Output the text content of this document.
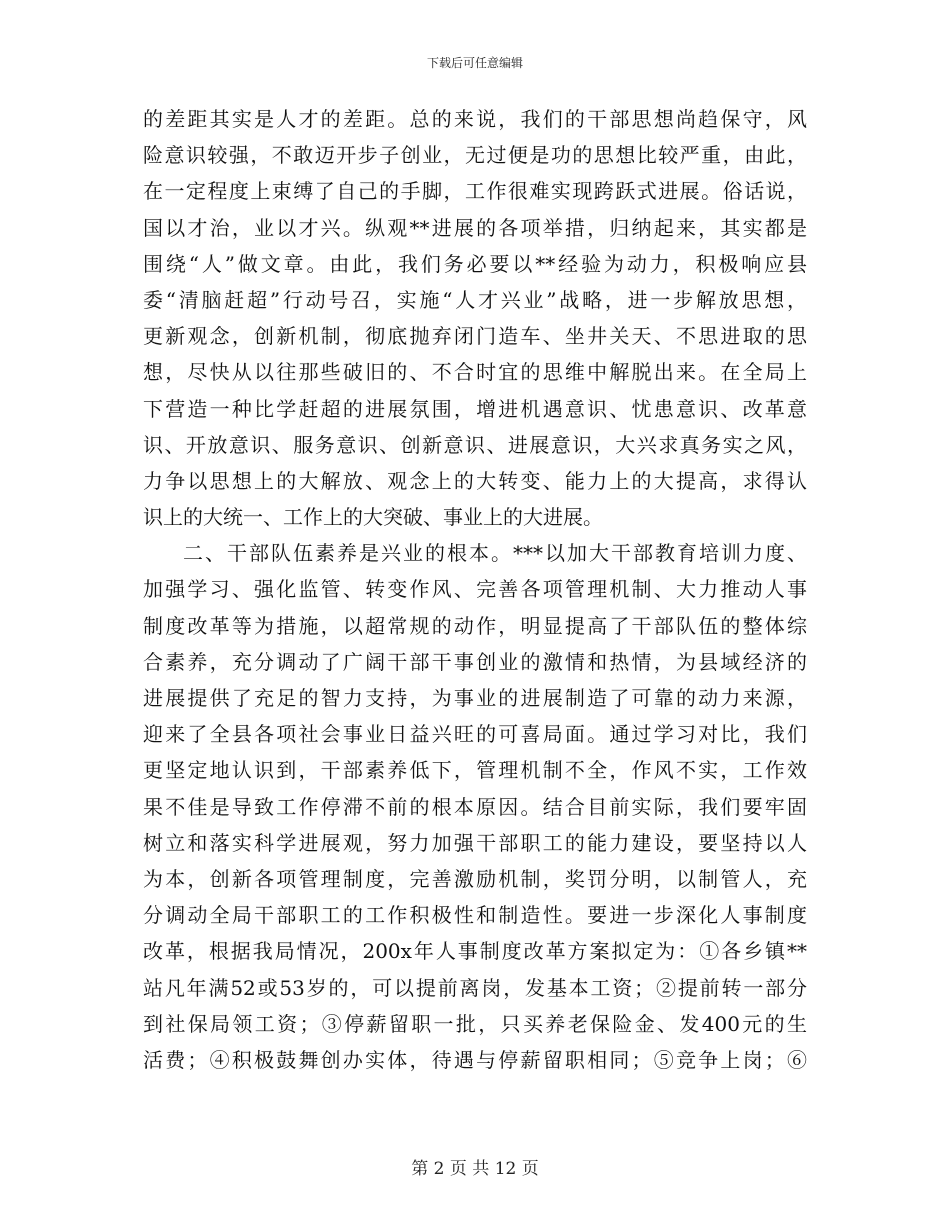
下载后可任意编辑
的差距其实是人才的差距。总的来说，我们的干部思想尚趋保守，风
险意识较强，不敢迈开步子创业，无过便是功的思想比较严重，由此，
在一定程度上束缚了自己的手脚，工作很难实现跨跃式进展。俗话说，
国以才治，业以才兴。纵观**进展的各项举措，归纳起来，其实都是
围绕“人”做文章。由此，我们务必要以**经验为动力，积极响应县
委“清脑赶超”行动号召，实施“人才兴业”战略，进一步解放思想，
更新观念，创新机制，彻底抛弃闭门造车、坐井关天、不思进取的思
想，尽快从以往那些破旧的、不合时宜的思维中解脱出来。在全局上
下营造一种比学赶超的进展氛围，增进机遇意识、忧患意识、改革意
识、开放意识、服务意识、创新意识、进展意识，大兴求真务实之风，
力争以思想上的大解放、观念上的大转变、能力上的大提高，求得认
识上的大统一、工作上的大突破、事业上的大进展。
二、干部队伍素养是兴业的根本。***以加大干部教育培训力度、
加强学习、强化监管、转变作风、完善各项管理机制、大力推动人事
制度改革等为措施，以超常规的动作，明显提高了干部队伍的整体综
合素养，充分调动了广阔干部干事创业的激情和热情，为县域经济的
进展提供了充足的智力支持，为事业的进展制造了可靠的动力来源，
迎来了全县各项社会事业日益兴旺的可喜局面。通过学习对比，我们
更坚定地认识到，干部素养低下，管理机制不全，作风不实，工作效
果不佳是导致工作停滞不前的根本原因。结合目前实际，我们要牢固
树立和落实科学进展观，努力加强干部职工的能力建设，要坚持以人
为本，创新各项管理制度，完善激励机制，奖罚分明，以制管人，充
分调动全局干部职工的工作积极性和制造性。要进一步深化人事制度
改革，根据我局情况，200x年人事制度改革方案拟定为：①各乡镇**
站凡年满52或53岁的，可以提前离岗，发基本工资；②提前转一部分
到社保局领工资；③停薪留职一批，只买养老保险金、发400元的生
活费；④积极鼓舞创办实体，待遇与停薪留职相同；⑤竞争上岗；⑥
第 2 页 共 12 页
